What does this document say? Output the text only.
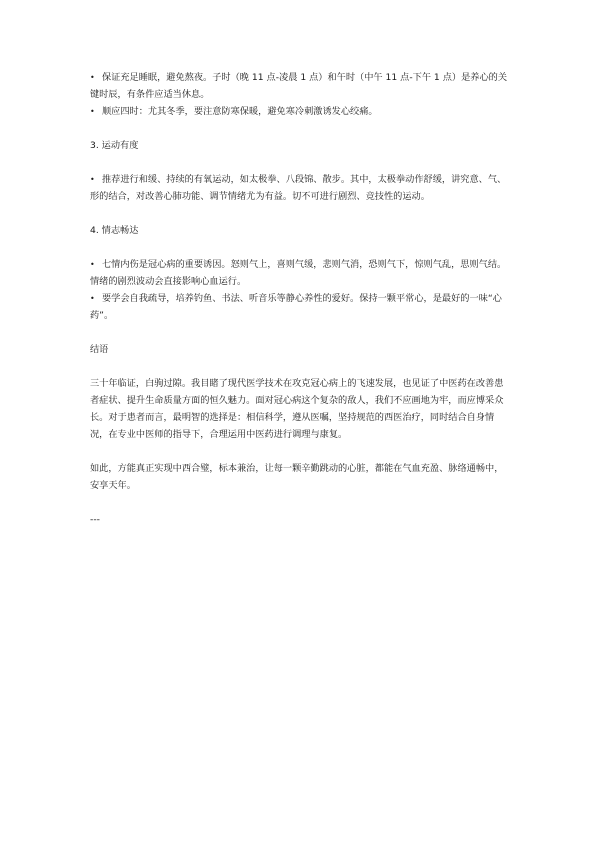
• 保证充足睡眠，避免熬夜。子时（晚 11 点-凌晨 1 点）和午时（中午 11 点-下午 1 点）是养心的关键时辰，有条件应适当休息。
• 顺应四时：尤其冬季，要注意防寒保暖，避免寒冷刺激诱发心绞痛。
3. 运动有度
• 推荐进行和缓、持续的有氧运动，如太极拳、八段锦、散步。其中，太极拳动作舒缓，讲究意、气、形的结合，对改善心肺功能、调节情绪尤为有益。切不可进行剧烈、竞技性的运动。
4. 情志畅达
• 七情内伤是冠心病的重要诱因。怒则气上，喜则气缓，悲则气消，恐则气下，惊则气乱，思则气结。情绪的剧烈波动会直接影响心血运行。
• 要学会自我疏导，培养钓鱼、书法、听音乐等静心养性的爱好。保持一颗平常心，是最好的一味“心药”。
结语

三十年临证，白驹过隙。我目睹了现代医学技术在攻克冠心病上的飞速发展，也见证了中医药在改善患者症状、提升生命质量方面的恒久魅力。面对冠心病这个复杂的敌人，我们不应画地为牢，而应博采众长。对于患者而言，最明智的选择是：相信科学，遵从医嘱，坚持规范的西医治疗，同时结合自身情况，在专业中医师的指导下，合理运用中医药进行调理与康复。

如此，方能真正实现中西合璧，标本兼治，让每一颗辛勤跳动的心脏，都能在气血充盈、脉络通畅中，安享天年。

---
